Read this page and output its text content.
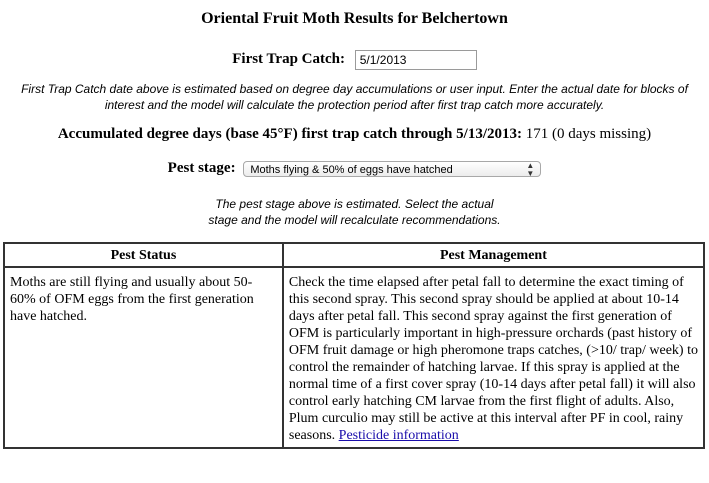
Oriental Fruit Moth Results for Belchertown
First Trap Catch: 5/1/2013
First Trap Catch date above is estimated based on degree day accumulations or user input. Enter the actual date for blocks of
interest and the model will calculate the protection period after first trap catch more accurately.
Accumulated degree days (base 45°F) first trap catch through 5/13/2013: 171 (0 days missing)
Pest stage: Moths flying & 50% of eggs have hatched	▲
▼
The pest stage above is estimated. Select the actual
stage and the model will recalculate recommendations.
Pest Status	Pest Management
Moths are still flying and usually about 50-60% of OFM eggs from the first generation have hatched.	Check the time elapsed after petal fall to determine the exact timing of this second spray. This second spray should be applied at about 10-14 days after petal fall. This second spray against the first generation of OFM is particularly important in high-pressure orchards (past history of OFM fruit damage or high pheromone traps catches, (>10/ trap/ week) to control the remainder of hatching larvae. If this spray is applied at the normal time of a first cover spray (10-14 days after petal fall) it will also control early hatching CM larvae from the first flight of adults. Also, Plum curculio may still be active at this interval after PF in cool, rainy seasons. Pesticide information
